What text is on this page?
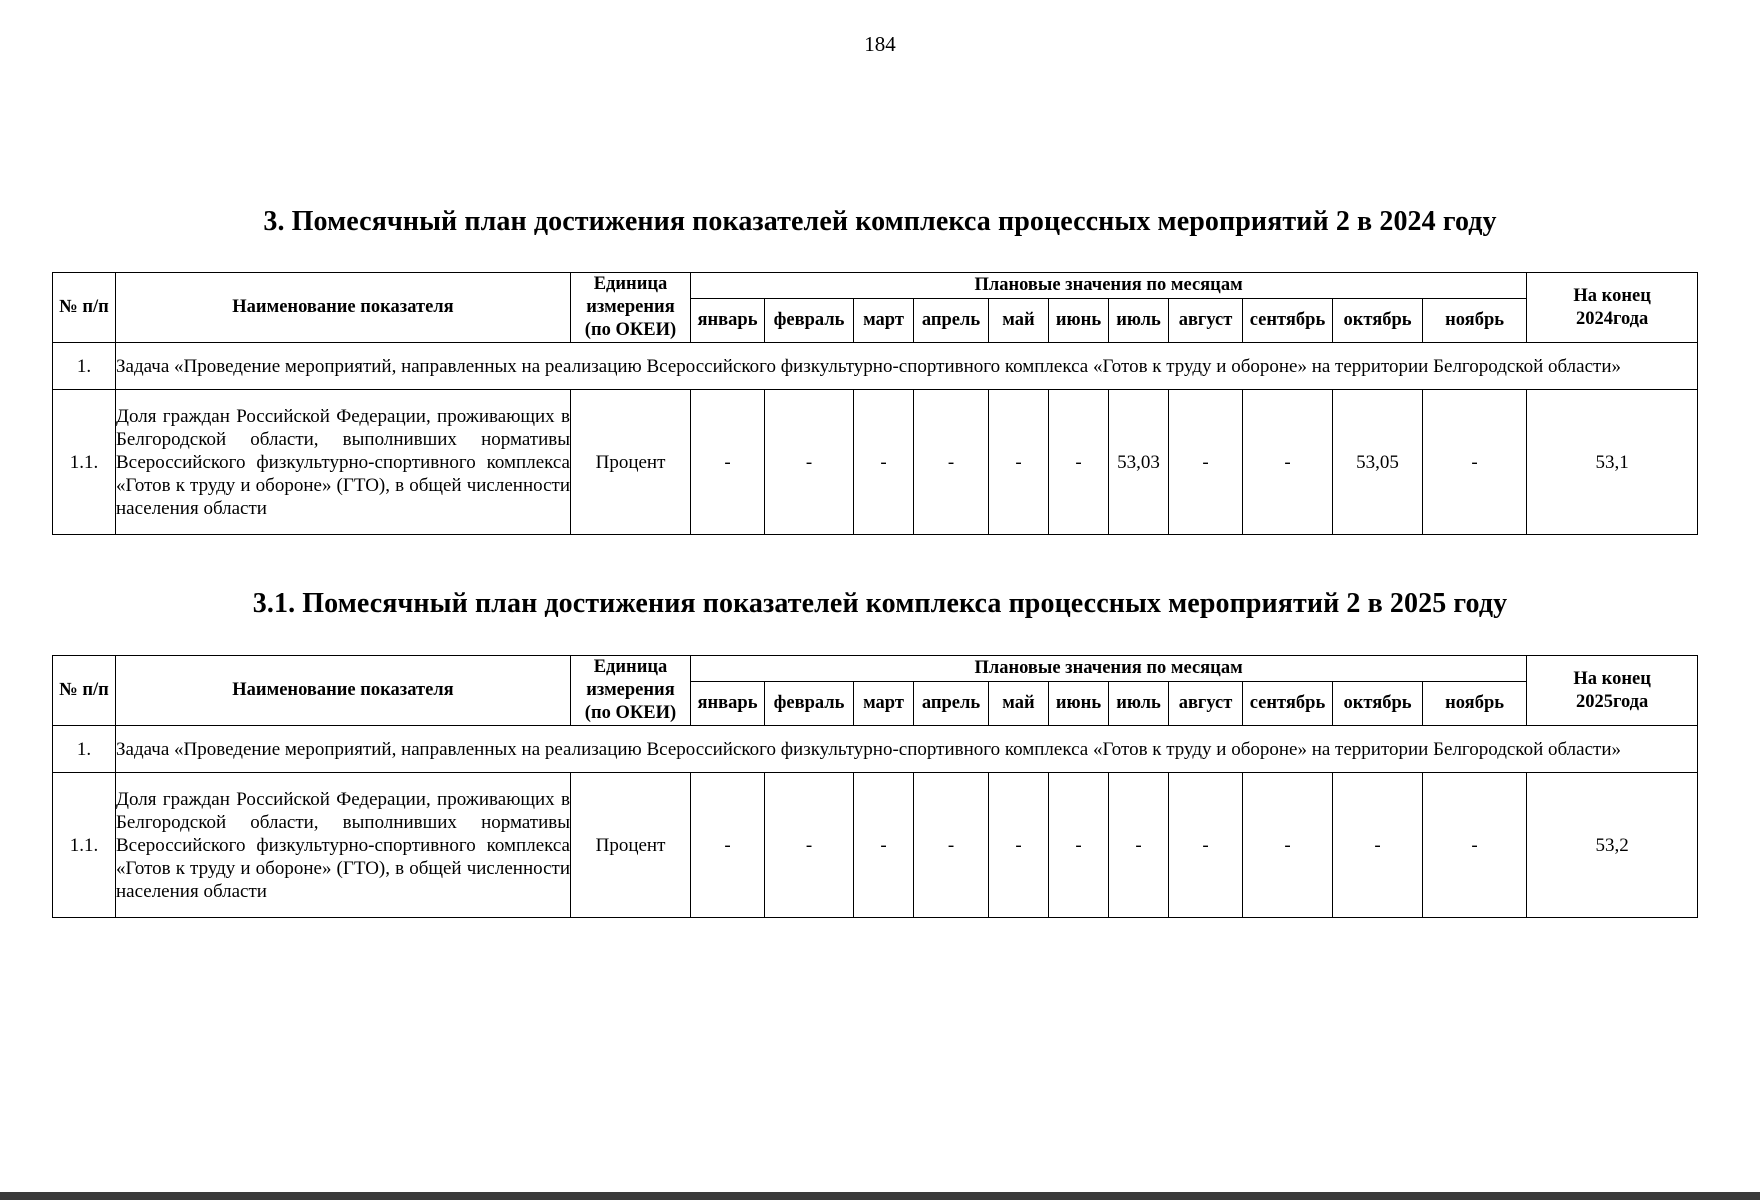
184
3. Помесячный план достижения показателей комплекса процессных мероприятий 2 в 2024 году
3.1. Помесячный план достижения показателей комплекса процессных мероприятий 2 в 2025 году
№ п/п	Наименование показателя	Единица
измерения
(по ОКЕИ)	Плановые значения по месяцам											На конец
2024года
			январь	февраль	март	апрель	май	июнь	июль	август	сентябрь	октябрь	ноябрь	
1.	Задача «Проведение мероприятий, направленных на реализацию Всероссийского физкультурно-спортивного комплекса «Готов к труду и обороне» на территории Белгородской области»													
1.1.	Доля граждан Российской Федерации, проживающих в Белгородской области, выполнивших нормативы Всероссийского физкультурно-спортивного комплекса «Готов к труду и обороне» (ГТО), в общей численности населения области	Процент	-	-	-	-	-	-	53,03	-	-	53,05	-	53,1
№ п/п	Наименование показателя	Единица
измерения
(по ОКЕИ)	Плановые значения по месяцам											На конец
2025года
			январь	февраль	март	апрель	май	июнь	июль	август	сентябрь	октябрь	ноябрь	
1.	Задача «Проведение мероприятий, направленных на реализацию Всероссийского физкультурно-спортивного комплекса «Готов к труду и обороне» на территории Белгородской области»													
1.1.	Доля граждан Российской Федерации, проживающих в Белгородской области, выполнивших нормативы Всероссийского физкультурно-спортивного комплекса «Готов к труду и обороне» (ГТО), в общей численности населения области	Процент	-	-	-	-	-	-	-	-	-	-	-	53,2
